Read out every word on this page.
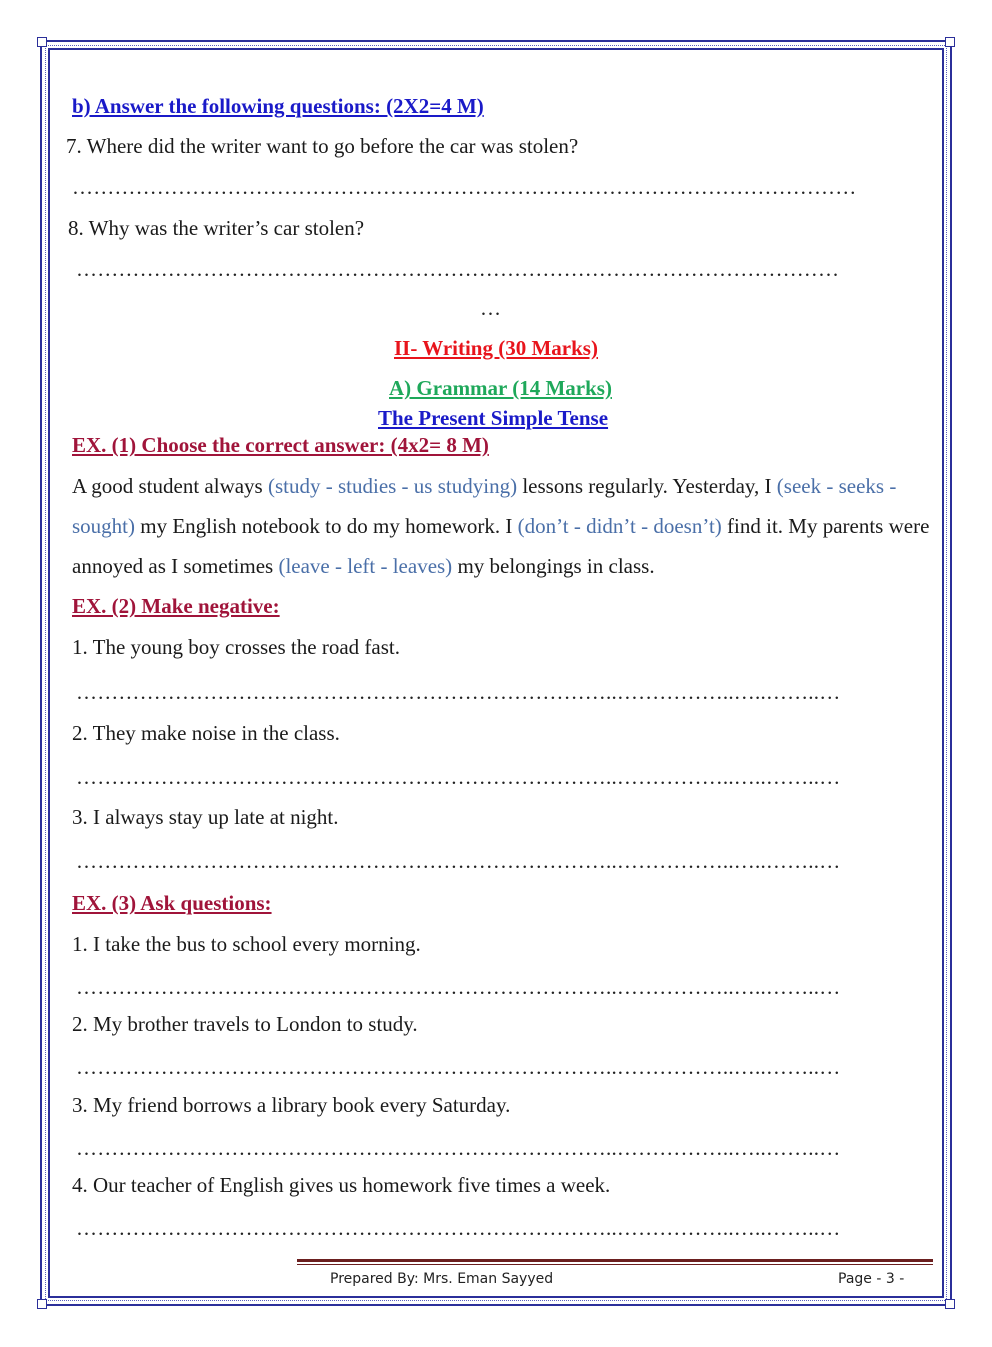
b) Answer the following questions: (2X2=4 M)
7. Where did the writer want to go before the car was stolen?
…………………………………………………………………………………………………
8. Why was the writer’s car stolen?
………………………………………………………………………………………………
…
II- Writing (30 Marks)
A) Grammar (14 Marks)
The Present Simple Tense
EX. (1) Choose the correct answer: (4x2= 8 M)
A good student always (study - studies - us studying) lessons regularly. Yesterday, I (seek - seeks - sought) my English notebook to do my homework. I (don’t - didn’t - doesn’t) find it. My parents were annoyed as I sometimes (leave - left - leaves) my belongings in class.
EX. (2) Make negative:
1. The young boy crosses the road fast.
…………………………………………………………………..……………..…..……..…
2. They make noise in the class.
…………………………………………………………………..……………..…..……..…
3. I always stay up late at night.
…………………………………………………………………..……………..…..……..…
EX. (3) Ask questions:
1. I take the bus to school every morning.
…………………………………………………………………..……………..…..……..…
2. My brother travels to London to study.
…………………………………………………………………..……………..…..……..…
3. My friend borrows a library book every Saturday.
…………………………………………………………………..……………..…..……..…
4. Our teacher of English gives us homework five times a week.
…………………………………………………………………..……………..…..……..…
Prepared By: Mrs. Eman Sayyed	Page - 3 -
